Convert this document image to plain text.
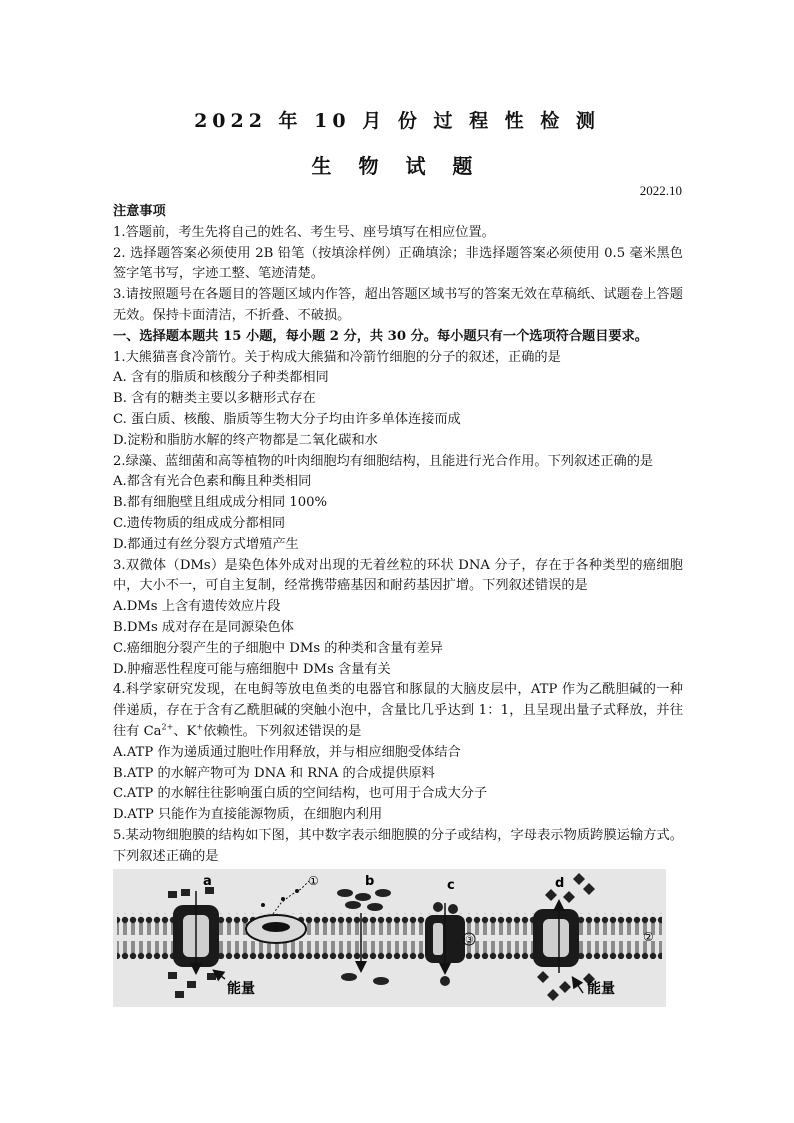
2022 年 10 月 份 过 程 性 检 测
生 物 试 题
2022.10

注意事项

1.答题前，考生先将自己的姓名、考生号、座号填写在相应位置。

2. 选择题答案必须使用 2B 铅笔（按填涂样例）正确填涂；非选择题答案必须使用 0.5 毫米黑色签字笔书写，字迹工整、笔迹清楚。

3.请按照题号在各题目的答题区域内作答，超出答题区域书写的答案无效在草稿纸、试题卷上答题无效。保持卡面清洁，不折叠、不破损。

一、选择题本题共 15 小题，每小题 2 分，共 30 分。每小题只有一个选项符合题目要求。

1.大熊猫喜食冷箭竹。关于构成大熊猫和冷箭竹细胞的分子的叙述，正确的是

A. 含有的脂质和核酸分子种类都相同

B. 含有的糖类主要以多糖形式存在

C. 蛋白质、核酸、脂质等生物大分子均由许多单体连接而成

D.淀粉和脂肪水解的终产物都是二氧化碳和水

2.绿藻、蓝细菌和高等植物的叶肉细胞均有细胞结构，且能进行光合作用。下列叙述正确的是

A.都含有光合色素和酶且种类相同

B.都有细胞壁且组成成分相同 100%

C.遗传物质的组成成分都相同

D.都通过有丝分裂方式增殖产生

3.双微体（DMs）是染色体外成对出现的无着丝粒的环状 DNA 分子，存在于各种类型的癌细胞中，大小不一，可自主复制，经常携带癌基因和耐药基因扩增。下列叙述错误的是

A.DMs 上含有遗传效应片段

B.DMs 成对存在是同源染色体

C.癌细胞分裂产生的子细胞中 DMs 的种类和含量有差异

D.肿瘤恶性程度可能与癌细胞中 DMs 含量有关

4.科学家研究发现，在电鲟等放电鱼类的电器官和豚鼠的大脑皮层中，ATP 作为乙酰胆碱的一种伴递质，存在于含有乙酰胆碱的突触小泡中，含量比几乎达到 1：1，且呈现出量子式释放，并往往有 $Ca^{2+}$、K+依赖性。下列叙述错误的是

A.ATP 作为递质通过胞吐作用释放，并与相应细胞受体结合

B.ATP 的水解产物可为 DNA 和 RNA 的合成提供原料

C.ATP 的水解往往影响蛋白质的空间结构，也可用于合成大分子

D.ATP 只能作为直接能源物质，在细胞内利用

5.某动物细胞膜的结构如下图，其中数字表示细胞膜的分子或结构，字母表示物质跨膜运输方式。下列叙述正确的是

a
能量
①	b
③
c	d
能量
②
